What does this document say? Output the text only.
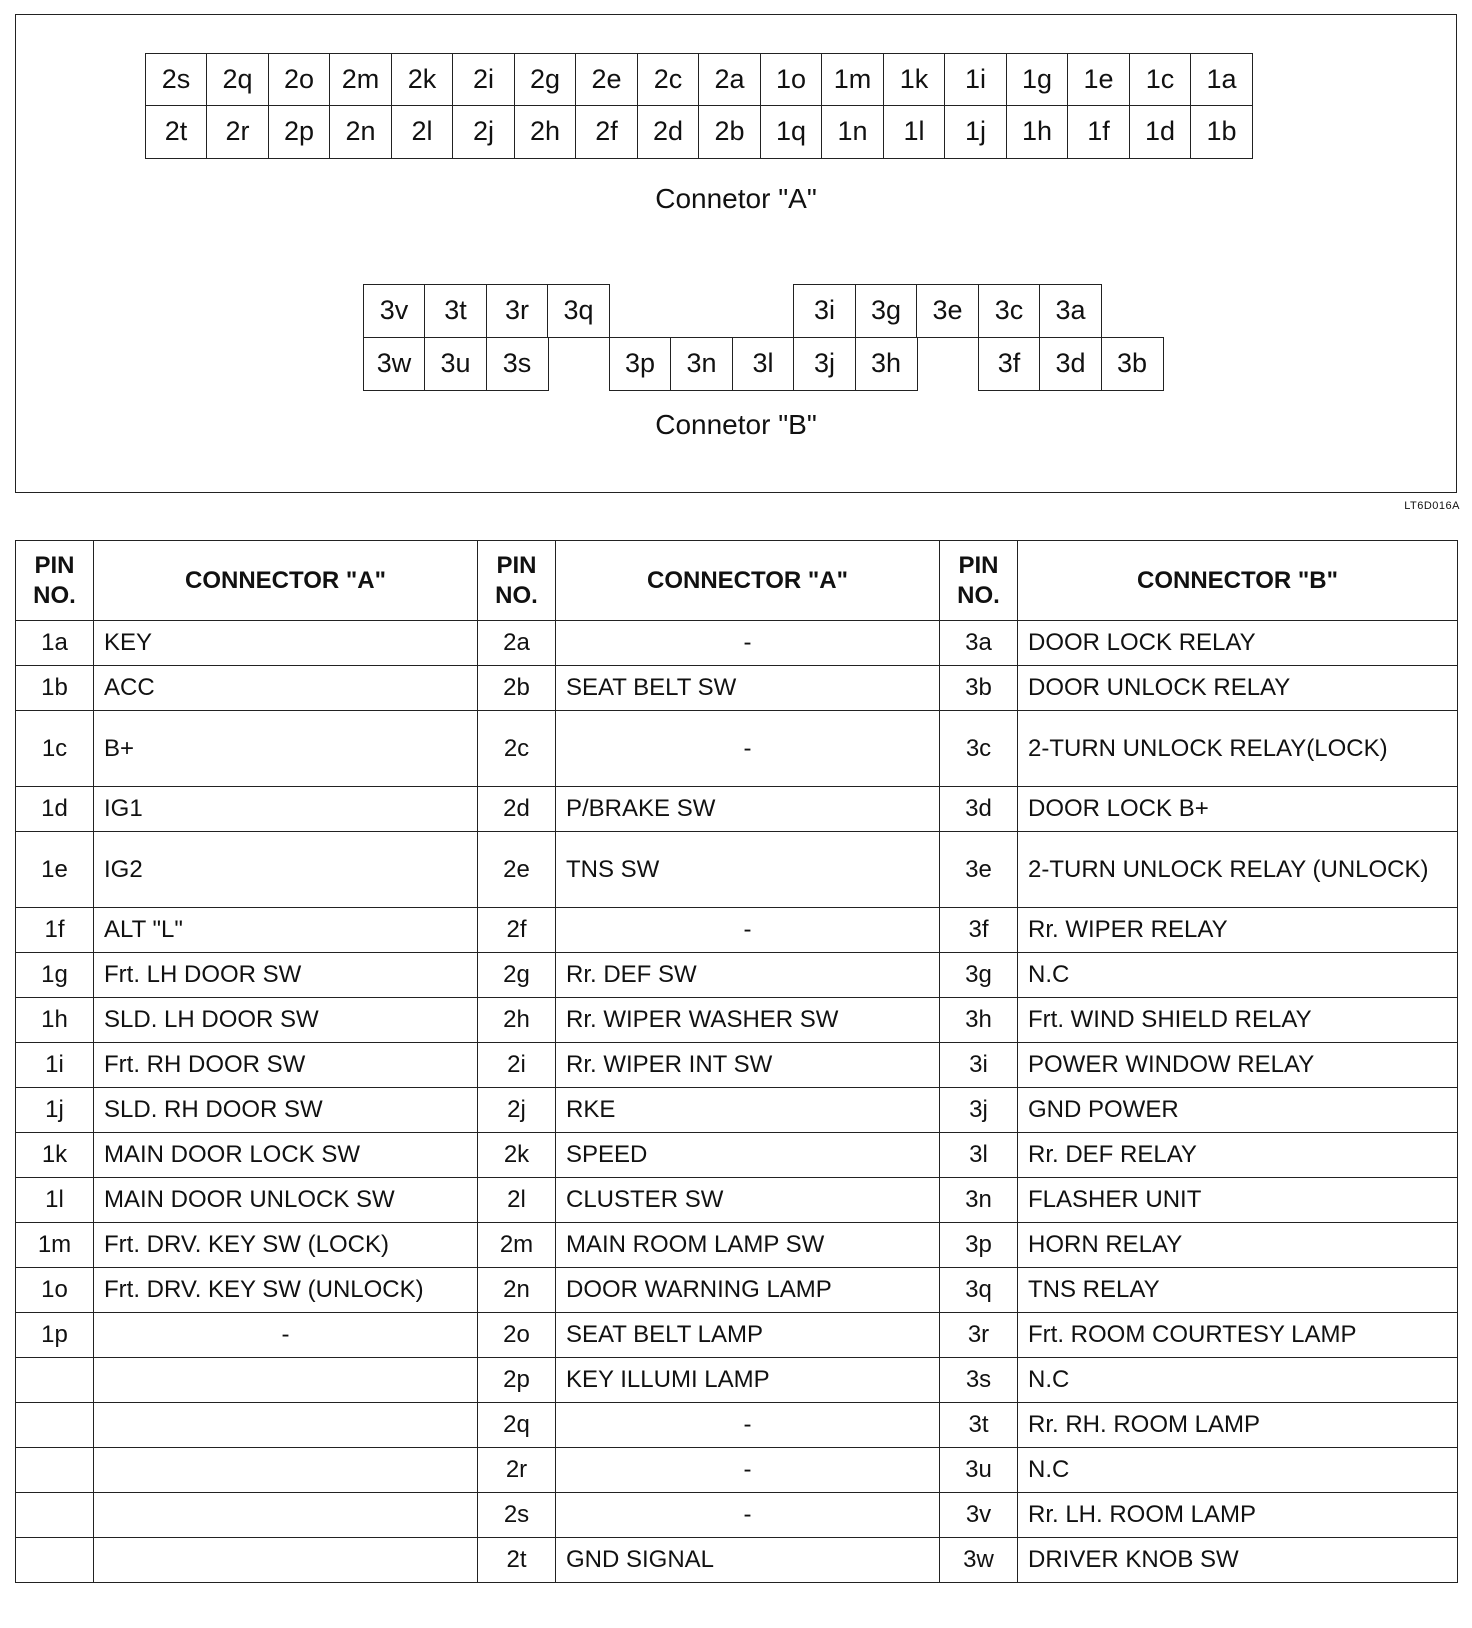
2s	2q	2o	2m	2k	2i	2g	2e	2c	2a	1o	1m	1k	1i	1g	1e	1c	1a
2t	2r	2p	2n	2l	2j	2h	2f	2d	2b	1q	1n	1l	1j	1h	1f	1d	1b
Connetor "A"
3v	3t	3r	3q	3i	3g	3e	3c	3a
3w	3u	3s	3p	3n	3l	3j	3h	3f	3d	3b
Connetor "B"
LT6D016A
PIN NO.	CONNECTOR "A"	PIN NO.	CONNECTOR "A"	PIN NO.	CONNECTOR "B"
1a	KEY	2a	-	3a	DOOR LOCK RELAY
1b	ACC	2b	SEAT BELT SW	3b	DOOR UNLOCK RELAY
1c	B+	2c	-	3c	2-TURN UNLOCK RELAY(LOCK)
1d	IG1	2d	P/BRAKE SW	3d	DOOR LOCK B+
1e	IG2	2e	TNS SW	3e	2-TURN UNLOCK RELAY (UNLOCK)
1f	ALT "L"	2f	-	3f	Rr. WIPER RELAY
1g	Frt. LH DOOR SW	2g	Rr. DEF SW	3g	N.C
1h	SLD. LH DOOR SW	2h	Rr. WIPER WASHER SW	3h	Frt. WIND SHIELD RELAY
1i	Frt. RH DOOR SW	2i	Rr. WIPER INT SW	3i	POWER WINDOW RELAY
1j	SLD. RH DOOR SW	2j	RKE	3j	GND POWER
1k	MAIN DOOR LOCK SW	2k	SPEED	3l	Rr. DEF RELAY
1l	MAIN DOOR UNLOCK SW	2l	CLUSTER SW	3n	FLASHER UNIT
1m	Frt. DRV. KEY SW (LOCK)	2m	MAIN ROOM LAMP SW	3p	HORN RELAY
1o	Frt. DRV. KEY SW (UNLOCK)	2n	DOOR WARNING LAMP	3q	TNS RELAY
1p	-	2o	SEAT BELT LAMP	3r	Frt. ROOM COURTESY LAMP
		2p	KEY ILLUMI LAMP	3s	N.C
		2q	-	3t	Rr. RH. ROOM LAMP
		2r	-	3u	N.C
		2s	-	3v	Rr. LH. ROOM LAMP
		2t	GND SIGNAL	3w	DRIVER KNOB SW
